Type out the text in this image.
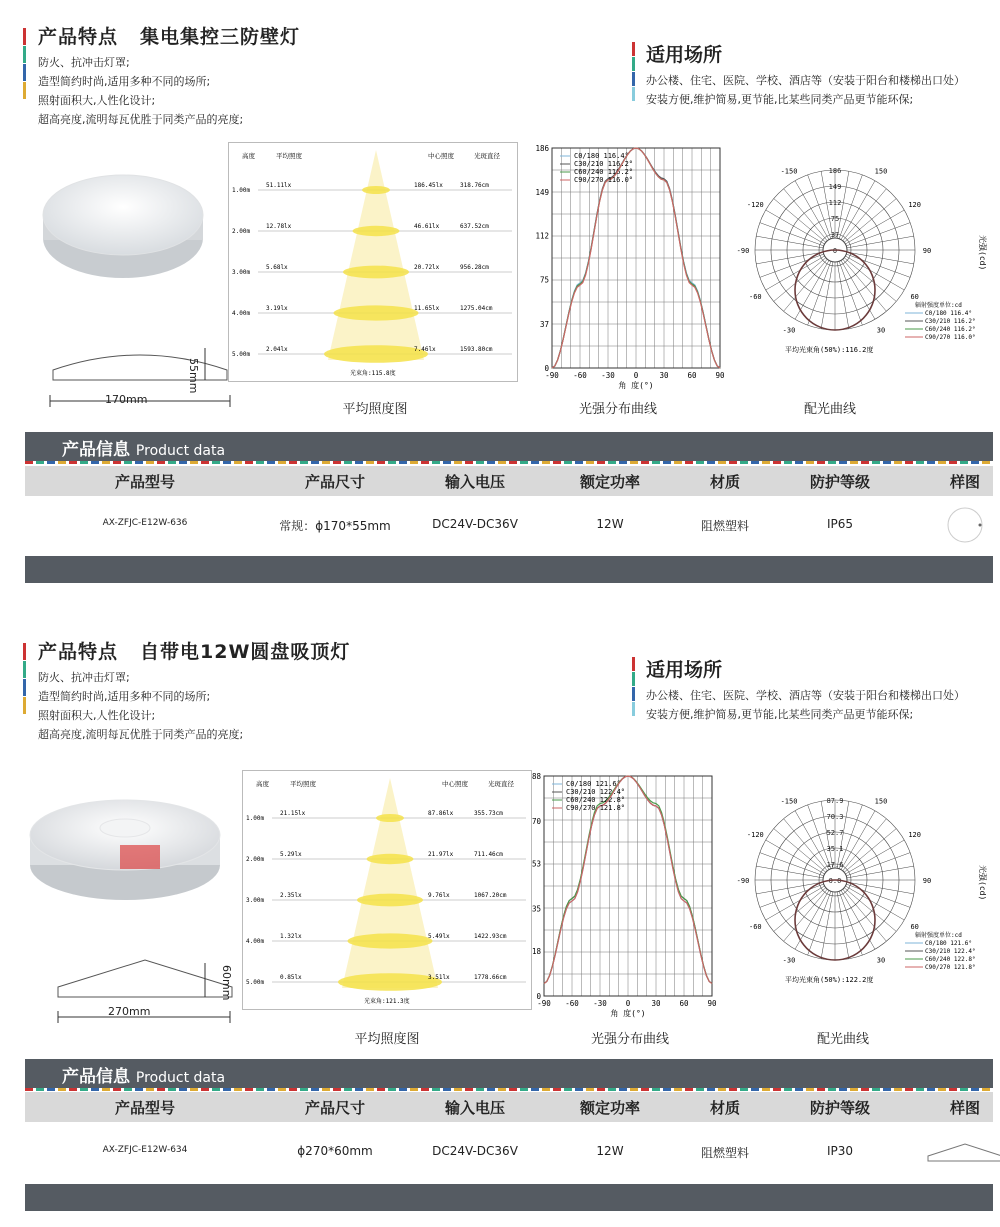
产品特点 集电集控三防壁灯
防火、抗冲击灯罩;
造型简约时尚,适用多种不同的场所;
照射面积大,人性化设计;
超高亮度,流明每瓦优胜于同类产品的亮度;
适用场所
办公楼、住宅、医院、学校、酒店等（安装于阳台和楼梯出口处）
安装方便,维护简易,更节能,比某些同类产品更节能环保;
170mm
55mm
高度	平均照度	中心照度	光斑直径
1.00m
51.11lx	186.45lx	318.76cm
2.00m
12.78lx	46.61lx	637.52cm
3.00m
5.68lx	20.72lx	956.28cm
4.00m
3.19lx	11.65lx	1275.04cm
5.00m
2.04lx	7.46lx	1593.80cm
光束角:115.8度
0
37
75
112
149
186
-90 -60 -30	0	30	60	90
角 度(°)
C0/180 116.4°
C30/210 116.2°
C60/240 116.2°
C90/270 116.0°
-150	150
-120	120
-90	90
-60	60
-30	30
186
149
112
75
37
0	光强(cd)
辐射强度单位:cd
C0/180 116.4°
C30/210 116.2°
C60/240 116.2°
C90/270 116.0°
平均光束角(50%):116.2度
平均照度图	光强分布曲线	配光曲线
产品信息 Product data
产品型号	产品尺寸	输入电压	额定功率	材质	防护等级	样图
AX-ZFJC-E12W-636	常规：ϕ170*55mm	DC24V-DC36V	12W	阻燃塑料	IP65
产品特点 自带电12W圆盘吸顶灯
防火、抗冲击灯罩;
造型简约时尚,适用多种不同的场所;
照射面积大,人性化设计;
超高亮度,流明每瓦优胜于同类产品的亮度;
适用场所
办公楼、住宅、医院、学校、酒店等（安装于阳台和楼梯出口处）
安装方便,维护简易,更节能,比某些同类产品更节能环保;
270mm
60mm
高度	平均照度	中心照度	光斑直径
1.00m
21.15lx	87.86lx	355.73cm
2.00m
5.29lx	21.97lx	711.46cm
3.00m
2.35lx	9.76lx	1067.20cm
4.00m
1.32lx	5.49lx	1422.93cm
5.00m
0.85lx	3.51lx	1778.66cm
光束角:121.3度
0
18
35
53
70
88
-90 -60 -30	0	30	60	90
角 度(°)
C0/180 121.6°
C30/210 122.4°
C60/240 122.8°
C90/270 121.8°
-150	150
-120	120
-90	90
-60	60
-30	30
87.9
70.3
52.7
35.1
17.6
0.0	光强(cd)
辐射强度单位:cd
C0/180 121.6°
C30/210 122.4°
C60/240 122.8°
C90/270 121.8°
平均光束角(50%):122.2度
平均照度图	光强分布曲线	配光曲线
产品信息 Product data
产品型号	产品尺寸	输入电压	额定功率	材质	防护等级	样图
AX-ZFJC-E12W-634	ϕ270*60mm	DC24V-DC36V	12W	阻燃塑料	IP30
